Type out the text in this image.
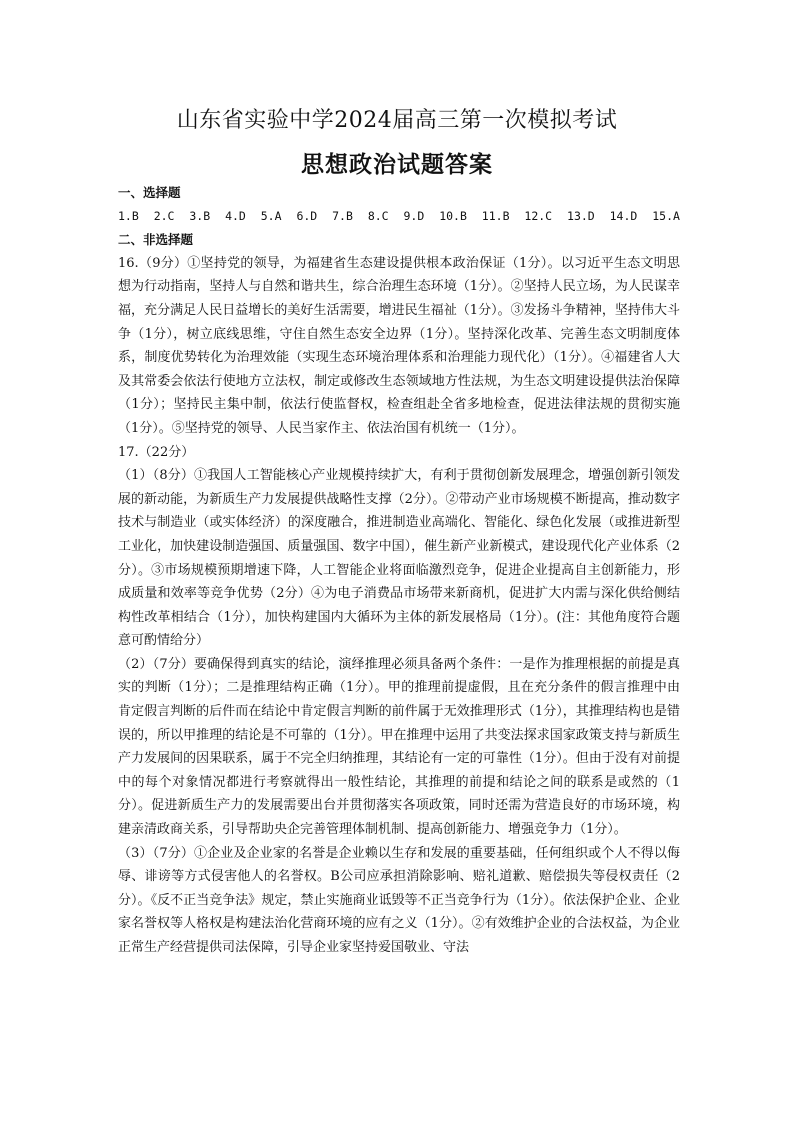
山东省实验中学2024届高三第一次模拟考试
思想政治试题答案
一、选择题
1.B 2.C 3.B 4.D 5.A 6.D 7.B 8.C 9.D 10.B 11.B 12.C 13.D 14.D 15.A
二、非选择题

16.（9分）①坚持党的领导，为福建省生态建设提供根本政治保证（1分）。以习近平生态文明思想为行动指南，坚持人与自然和谐共生，综合治理生态环境（1分）。②坚持人民立场，为人民谋幸福，充分满足人民日益增长的美好生活需要，增进民生福祉（1分）。③发扬斗争精神，坚持伟大斗争（1分），树立底线思维，守住自然生态安全边界（1分）。坚持深化改革、完善生态文明制度体系，制度优势转化为治理效能（实现生态环境治理体系和治理能力现代化）（1分）。④福建省人大及其常委会依法行使地方立法权，制定或修改生态领域地方性法规，为生态文明建设提供法治保障（1分）；坚持民主集中制，依法行使监督权，检查组赴全省多地检查，促进法律法规的贯彻实施（1分）。⑤坚持党的领导、人民当家作主、依法治国有机统一（1分）。

17.（22分）

（1）（8分）①我国人工智能核心产业规模持续扩大，有利于贯彻创新发展理念，增强创新引领发展的新动能，为新质生产力发展提供战略性支撑（2分）。②带动产业市场规模不断提高，推动数字技术与制造业（或实体经济）的深度融合，推进制造业高端化、智能化、绿色化发展（或推进新型工业化，加快建设制造强国、质量强国、数字中国），催生新产业新模式，建设现代化产业体系（2分）。③市场规模预期增速下降，人工智能企业将面临激烈竞争，促进企业提高自主创新能力，形成质量和效率等竞争优势（2分）④为电子消费品市场带来新商机，促进扩大内需与深化供给侧结构性改革相结合（1分），加快构建国内大循环为主体的新发展格局（1分）。(注：其他角度符合题意可酌情给分）

（2）（7分）要确保得到真实的结论，演绎推理必须具备两个条件：一是作为推理根据的前提是真实的判断（1分）；二是推理结构正确（1分）。甲的推理前提虚假，且在充分条件的假言推理中由肯定假言判断的后件而在结论中肯定假言判断的前件属于无效推理形式（1分），其推理结构也是错误的，所以甲推理的结论是不可靠的（1分）。甲在推理中运用了共变法探求国家政策支持与新质生产力发展间的因果联系，属于不完全归纳推理，其结论有一定的可靠性（1分）。但由于没有对前提中的每个对象情况都进行考察就得出一般性结论，其推理的前提和结论之间的联系是或然的（1分）。促进新质生产力的发展需要出台并贯彻落实各项政策，同时还需为营造良好的市场环境，构建亲清政商关系，引导帮助央企完善管理体制机制、提高创新能力、增强竞争力（1分）。

（3）（7分）①企业及企业家的名誉是企业赖以生存和发展的重要基础，任何组织或个人不得以侮辱、诽谤等方式侵害他人的名誉权。B公司应承担消除影响、赔礼道歉、赔偿损失等侵权责任（2分）。《反不正当竞争法》规定，禁止实施商业诋毁等不正当竞争行为（1分）。依法保护企业、企业家名誉权等人格权是构建法治化营商环境的应有之义（1分）。②有效维护企业的合法权益，为企业正常生产经营提供司法保障，引导企业家坚持爱国敬业、守法
